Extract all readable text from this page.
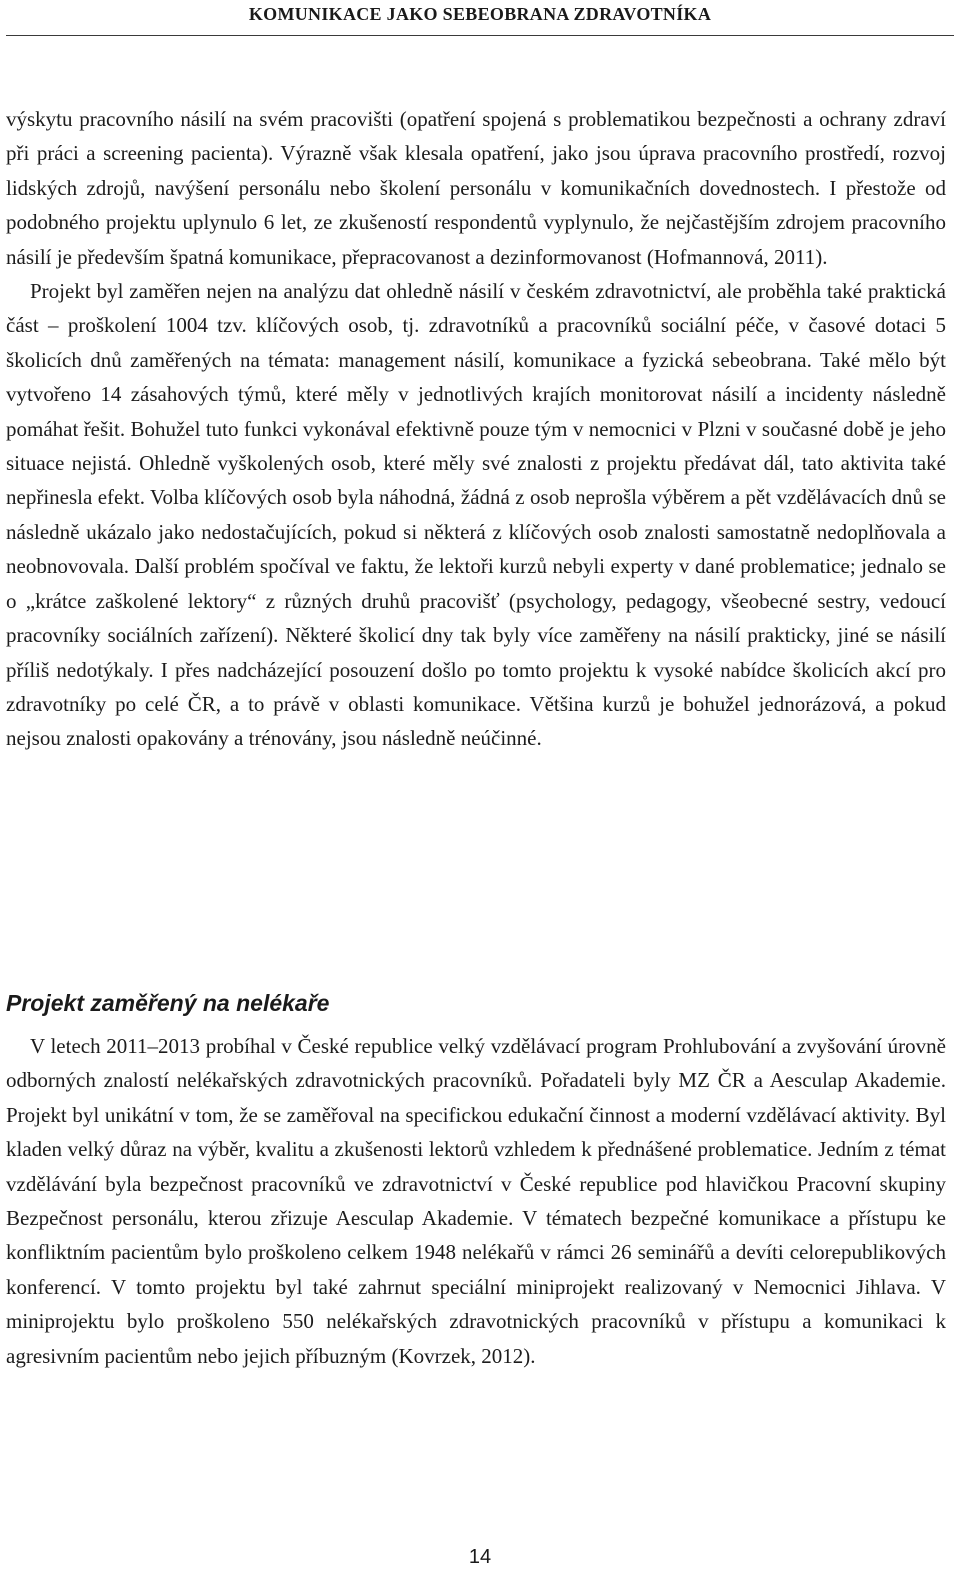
KOMUNIKACE JAKO SEBEOBRANA ZDRAVOTNÍKA

výskytu pracovního násilí na svém pracovišti (opatření spojená s problematikou bezpečnosti a ochrany zdraví při práci a screening pacienta). Výrazně však klesala opatření, jako jsou úprava pracovního prostředí, rozvoj lidských zdrojů, navýšení personálu nebo školení personálu v komunikačních dovednostech. I přestože od podobného projektu uplynulo 6 let, ze zkušeností respondentů vyplynulo, že nejčastějším zdrojem pracovního násilí je především špatná komunikace, přepracovanost a dezinformovanost (Hofmannová, 2011).

Projekt byl zaměřen nejen na analýzu dat ohledně násilí v českém zdravotnictví, ale proběhla také praktická část – proškolení 1004 tzv. klíčových osob, tj. zdravotníků a pracovníků sociální péče, v časové dotaci 5 školicích dnů zaměřených na témata: management násilí, komunikace a fyzická sebeobrana. Také mělo být vytvořeno 14 zásahových týmů, které měly v jednotlivých krajích monitorovat násilí a incidenty následně pomáhat řešit. Bohužel tuto funkci vykonával efektivně pouze tým v nemocnici v Plzni v současné době je jeho situace nejistá. Ohledně vyškolených osob, které měly své znalosti z projektu předávat dál, tato aktivita také nepřinesla efekt. Volba klíčových osob byla náhodná, žádná z osob neprošla výběrem a pět vzdělávacích dnů se následně ukázalo jako nedostačujících, pokud si některá z klíčových osob znalosti samostatně nedoplňovala a neobnovovala. Další problém spočíval ve faktu, že lektoři kurzů nebyli experty v dané problematice; jednalo se o „krátce zaškolené lektory“ z různých druhů pracovišť (psychology, pedagogy, všeobecné sestry, vedoucí pracovníky sociálních zařízení). Některé školicí dny tak byly více zaměřeny na násilí prakticky, jiné se násilí příliš nedotýkaly. I přes nadcházející posouzení došlo po tomto projektu k vysoké nabídce školicích akcí pro zdravotníky po celé ČR, a to právě v oblasti komunikace. Většina kurzů je bohužel jednorázová, a pokud nejsou znalosti opakovány a trénovány, jsou následně neúčinné.

Projekt zaměřený na nelékaře

V letech 2011–2013 probíhal v České republice velký vzdělávací program Prohlubování a zvyšování úrovně odborných znalostí nelékařských zdravotnických pracovníků. Pořadateli byly MZ ČR a Aesculap Akademie. Projekt byl unikátní v tom, že se zaměřoval na specifickou edukační činnost a moderní vzdělávací aktivity. Byl kladen velký důraz na výběr, kvalitu a zkušenosti lektorů vzhledem k přednášené problematice. Jedním z témat vzdělávání byla bezpečnost pracovníků ve zdravotnictví v České republice pod hlavičkou Pracovní skupiny Bezpečnost personálu, kterou zřizuje Aesculap Akademie. V tématech bezpečné komunikace a přístupu ke konfliktním pacientům bylo proškoleno celkem 1948 nelékařů v rámci 26 seminářů a devíti celorepublikových konferencí. V tomto projektu byl také zahrnut speciální miniprojekt realizovaný v Nemocnici Jihlava. V miniprojektu bylo proškoleno 550 nelékařských zdravotnických pracovníků v přístupu a komunikaci k agresivním pacientům nebo jejich příbuzným (Kovrzek, 2012).

14
